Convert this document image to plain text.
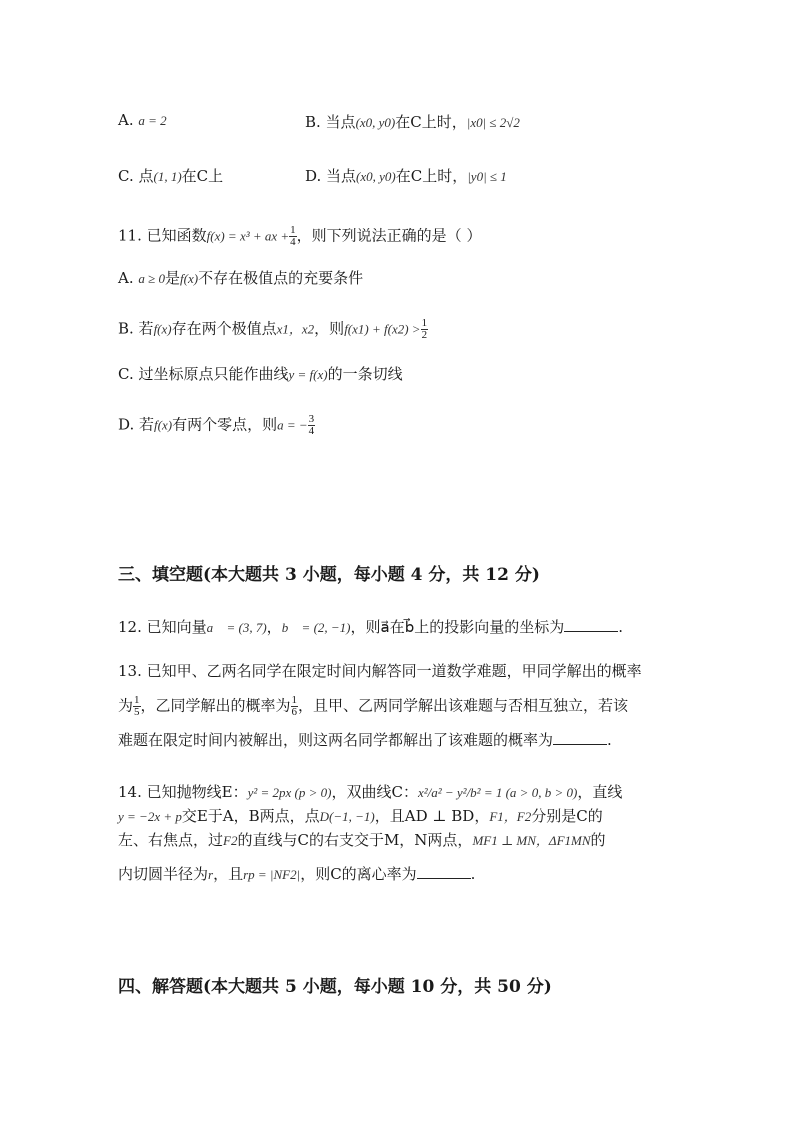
A. a = 2	B. 当点(x0, y0)在C上时，|x0| ≤ 2√2
C. 点(1, 1)在C上	D. 当点(x0, y0)在C上时，|y0| ≤ 1
11. 已知函数f(x) = x³ + ax + $\frac{1}{4}$ ，则下列说法正确的是（ ）
A. a ≥ 0是f(x)不存在极值点的充要条件
B. 若f(x)存在两个极值点x1，x2，则$f(x1) + f(x2) > \frac{1}{2}$
C. 过坐标原点只能作曲线y = f(x)的一条切线
D. 若f(x)有两个零点，则a = − $\frac{3}{4}$
三、填空题(本大题共 3 小题，每小题 4 分，共 12 分)
12. 已知向量a⃗ = (3, 7)，b⃗ = (2, −1)，则a⃗在b⃗上的投影向量的坐标为	.
13. 已知甲、乙两名同学在限定时间内解答同一道数学难题，甲同学解出的概率
为 $\frac{1}{5}$ ，乙同学解出的概率为 $\frac{1}{6}$ ，且甲、乙两同学解出该难题与否相互独立，若该
难题在限定时间内被解出，则这两名同学都解出了该难题的概率为	.
14. 已知抛物线E：y² = 2px (p > 0)，双曲线C：x²/a² − y²/b² = 1 (a > 0, b > 0)，直线
y = −2x + p交E于A，B两点，点D(−1, −1)，且AD ⊥ BD，F1，F2分别是C的
左、右焦点，过F2的直线与C的右支交于M，N两点，MF1 ⊥ MN，ΔF1MN的
内切圆半径为r，且rp = |NF2|，则C的离心率为	.
四、解答题(本大题共 5 小题，每小题 10 分，共 50 分)
